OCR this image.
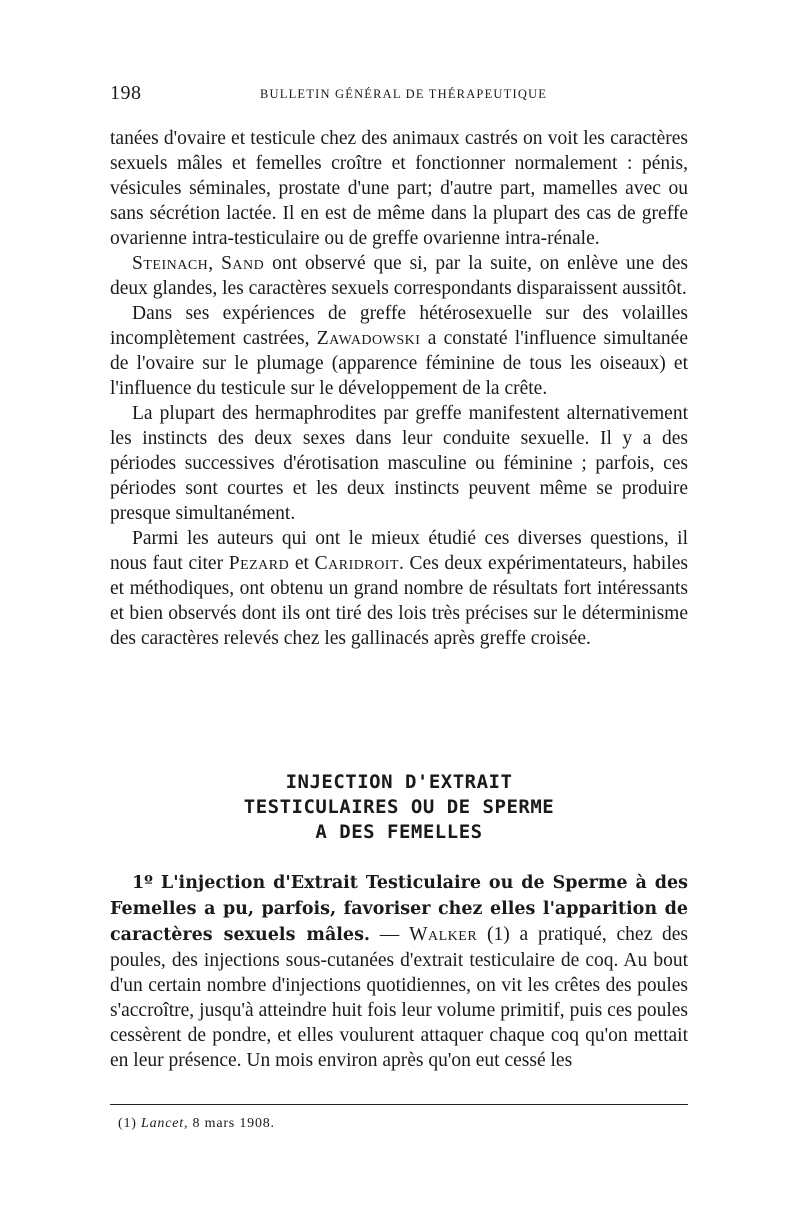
198	BULLETIN GÉNÉRAL DE THÉRAPEUTIQUE

tanées d'ovaire et testicule chez des animaux castrés on voit les caractères sexuels mâles et femelles croître et fonctionner normalement : pénis, vésicules séminales, prostate d'une part; d'autre part, mamelles avec ou sans sécrétion lactée. Il en est de même dans la plupart des cas de greffe ovarienne intra-testiculaire ou de greffe ovarienne intra-rénale.

Steinach, Sand ont observé que si, par la suite, on enlève une des deux glandes, les caractères sexuels correspondants disparaissent aussitôt.

Dans ses expériences de greffe hétérosexuelle sur des volailles incomplètement castrées, Zawadowski a constaté l'influence simultanée de l'ovaire sur le plumage (apparence féminine de tous les oiseaux) et l'influence du testicule sur le développement de la crête.

La plupart des hermaphrodites par greffe manifestent alternativement les instincts des deux sexes dans leur conduite sexuelle. Il y a des périodes successives d'érotisation masculine ou féminine ; parfois, ces périodes sont courtes et les deux instincts peuvent même se produire presque simultanément.

Parmi les auteurs qui ont le mieux étudié ces diverses questions, il nous faut citer Pezard et Caridroit. Ces deux expérimentateurs, habiles et méthodiques, ont obtenu un grand nombre de résultats fort intéressants et bien observés dont ils ont tiré des lois très précises sur le déterminisme des caractères relevés chez les gallinacés après greffe croisée.

INJECTION D'EXTRAIT
TESTICULAIRES OU DE SPERME
A DES FEMELLES

1º L'injection d'Extrait Testiculaire ou de Sperme à des Femelles a pu, parfois, favoriser chez elles l'apparition de caractères sexuels mâles. — Walker (1) a pratiqué, chez des poules, des injections sous-cutanées d'extrait testiculaire de coq. Au bout d'un certain nombre d'injections quotidiennes, on vit les crêtes des poules s'accroître, jusqu'à atteindre huit fois leur volume primitif, puis ces poules cessèrent de pondre, et elles voulurent attaquer chaque coq qu'on mettait en leur présence. Un mois environ après qu'on eut cessé les

(1) Lancet, 8 mars 1908.
